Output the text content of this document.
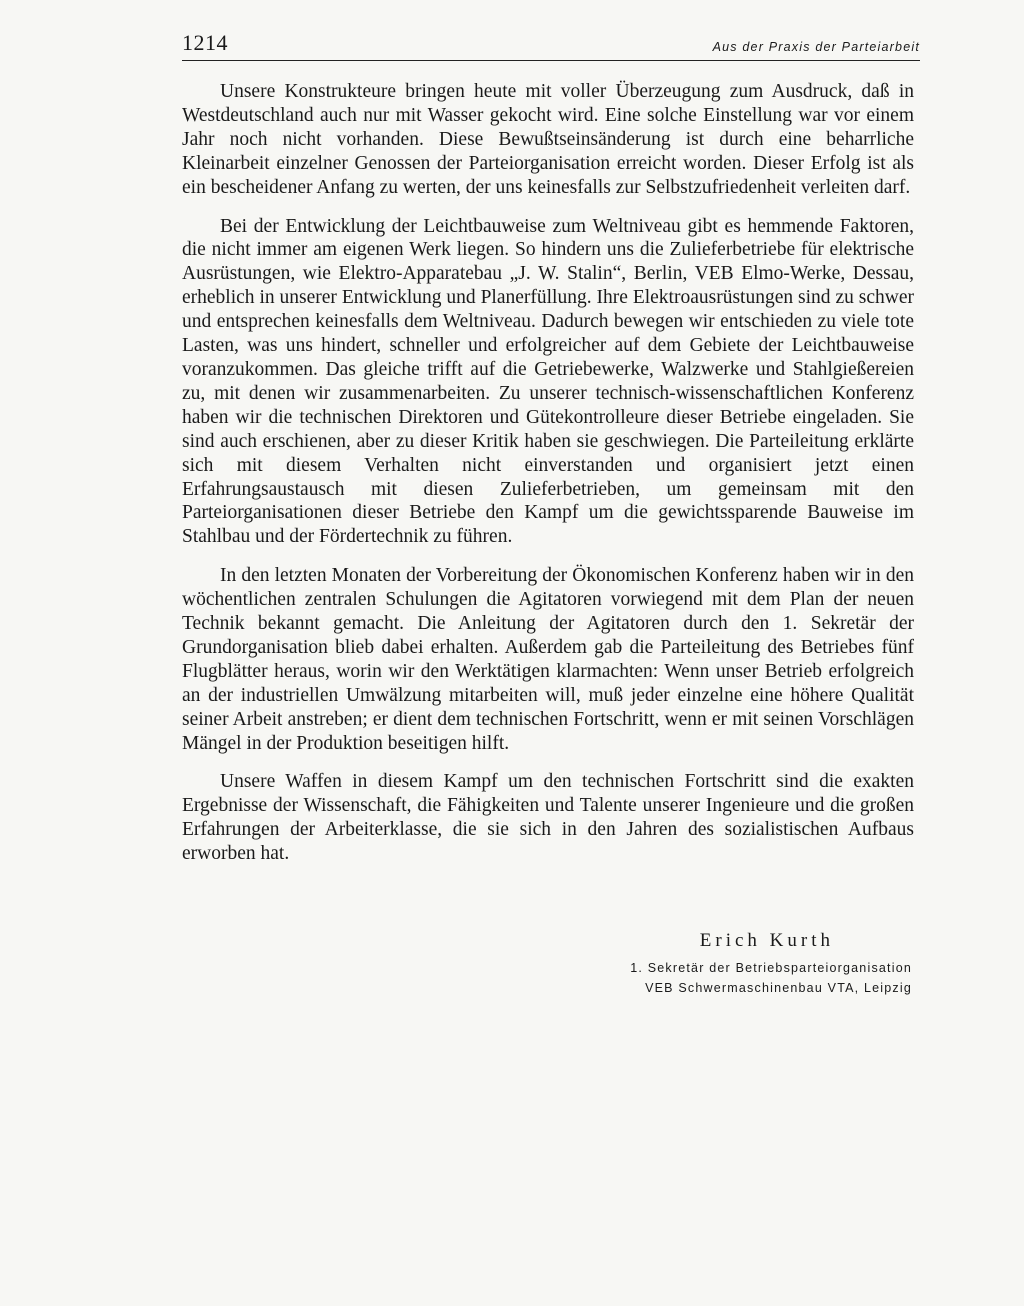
1214	Aus der Praxis der Parteiarbeit

Unsere Konstrukteure bringen heute mit voller Überzeugung zum Ausdruck, daß in Westdeutschland auch nur mit Wasser gekocht wird. Eine solche Einstellung war vor einem Jahr noch nicht vorhanden. Diese Bewußtseinsänderung ist durch eine beharrliche Kleinarbeit einzelner Genossen der Parteiorganisation erreicht worden. Dieser Erfolg ist als ein bescheidener Anfang zu werten, der uns keinesfalls zur Selbstzufriedenheit verleiten darf.

Bei der Entwicklung der Leichtbauweise zum Weltniveau gibt es hemmende Faktoren, die nicht immer am eigenen Werk liegen. So hindern uns die Zulieferbetriebe für elektrische Ausrüstungen, wie Elektro-Apparatebau „J. W. Stalin“, Berlin, VEB Elmo-Werke, Dessau, erheblich in unserer Entwicklung und Planerfüllung. Ihre Elektroausrüstungen sind zu schwer und entsprechen keinesfalls dem Weltniveau. Dadurch bewegen wir entschieden zu viele tote Lasten, was uns hindert, schneller und erfolgreicher auf dem Gebiete der Leichtbauweise voranzukommen. Das gleiche trifft auf die Getriebewerke, Walzwerke und Stahlgießereien zu, mit denen wir zusammenarbeiten. Zu unserer technisch-wissenschaftlichen Konferenz haben wir die technischen Direktoren und Gütekontrolleure dieser Betriebe eingeladen. Sie sind auch erschienen, aber zu dieser Kritik haben sie geschwiegen. Die Parteileitung erklärte sich mit diesem Verhalten nicht einverstanden und organisiert jetzt einen Erfahrungsaustausch mit diesen Zulieferbetrieben, um gemeinsam mit den Parteiorganisationen dieser Betriebe den Kampf um die gewichtssparende Bauweise im Stahlbau und der Fördertechnik zu führen.

In den letzten Monaten der Vorbereitung der Ökonomischen Konferenz haben wir in den wöchentlichen zentralen Schulungen die Agitatoren vorwiegend mit dem Plan der neuen Technik bekannt gemacht. Die Anleitung der Agitatoren durch den 1. Sekretär der Grundorganisation blieb dabei erhalten. Außerdem gab die Parteileitung des Betriebes fünf Flugblätter heraus, worin wir den Werktätigen klarmachten: Wenn unser Betrieb erfolgreich an der industriellen Umwälzung mitarbeiten will, muß jeder einzelne eine höhere Qualität seiner Arbeit anstreben; er dient dem technischen Fortschritt, wenn er mit seinen Vorschlägen Mängel in der Produktion beseitigen hilft.

Unsere Waffen in diesem Kampf um den technischen Fortschritt sind die exakten Ergebnisse der Wissenschaft, die Fähigkeiten und Talente unserer Ingenieure und die großen Erfahrungen der Arbeiterklasse, die sie sich in den Jahren des sozialistischen Aufbaus erworben hat.

Erich Kurth
1. Sekretär der Betriebsparteiorganisation
VEB Schwermaschinenbau VTA, Leipzig
